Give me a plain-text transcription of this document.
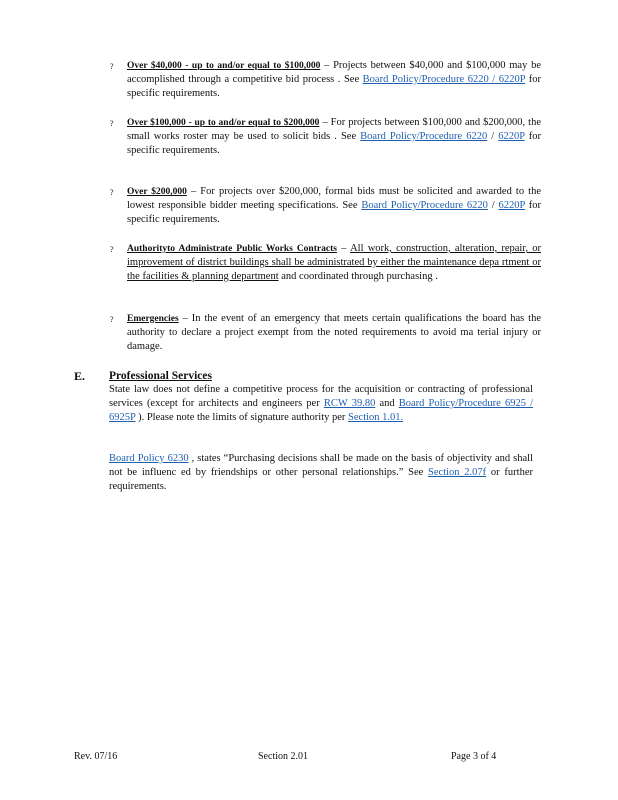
?	Over $40,000 - up to and/or equal to $100,000 – Projects between $40,000 and $100,000 may be accomplished through a competitive bid process . See Board Policy/Procedure 6220 / 6220P for specific requirements.

?	Over $100,000 - up to and/or equal to $200,000 – For projects between $100,000 and $200,000, the small works roster may be used to solicit bids . See Board Policy/Procedure 6220 / 6220P for specific requirements.

?	Over $200,000 – For projects over $200,000, formal bids must be solicited and awarded to the lowest responsible bidder meeting specifications. See Board Policy/Procedure 6220 / 6220P for specific requirements.

?	Authorityto Administrate Public Works Contracts – All work, construction, alteration, repair, or improvement of district buildings shall be administrated by either the maintenance depa rtment or the facilities & planning department and coordinated through purchasing .

?	Emergencies – In the event of an emergency that meets certain qualifications the board has the authority to declare a project exempt from the noted requirements to avoid ma terial injury or damage.

E. Professional Services

State law does not define a competitive process for the acquisition or contracting of professional services (except for architects and engineers per RCW 39.80 and Board Policy/Procedure 6925 / 6925P ). Please note the limits of signature authority per Section 1.01.

Board Policy 6230 , states “Purchasing decisions shall be made on the basis of objectivity and shall not be influenc ed by friendships or other personal relationships.” See Section 2.07f or further requirements.

Rev. 07/16	Section 2.01	Page 3 of 4
